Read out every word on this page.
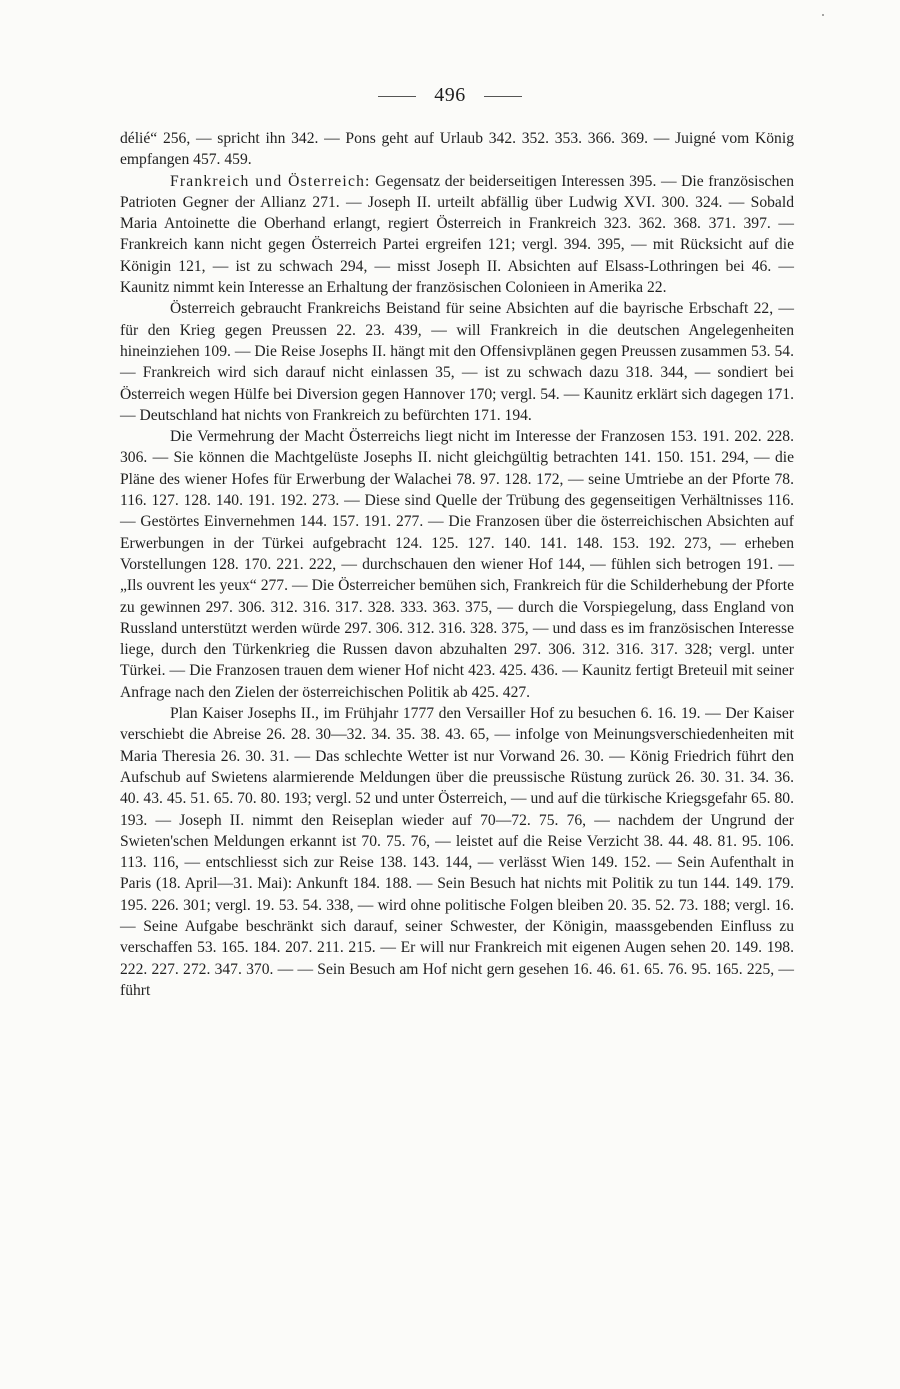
496

délié“ 256, — spricht ihn 342. — Pons geht auf Urlaub 342. 352. 353. 366. 369. — Juigné vom König empfangen 457. 459.

Frankreich und Österreich: Gegensatz der beiderseitigen Interessen 395. — Die französischen Patrioten Gegner der Allianz 271. — Joseph II. urteilt abfällig über Ludwig XVI. 300. 324. — Sobald Maria Antoinette die Oberhand erlangt, regiert Österreich in Frankreich 323. 362. 368. 371. 397. — Frankreich kann nicht gegen Österreich Partei ergreifen 121; vergl. 394. 395, — mit Rücksicht auf die Königin 121, — ist zu schwach 294, — misst Joseph II. Absichten auf Elsass-Lothringen bei 46. — Kaunitz nimmt kein Interesse an Erhaltung der französischen Colonieen in Amerika 22.

Österreich gebraucht Frankreichs Beistand für seine Absichten auf die bayrische Erbschaft 22, — für den Krieg gegen Preussen 22. 23. 439, — will Frankreich in die deutschen Angelegenheiten hineinziehen 109. — Die Reise Josephs II. hängt mit den Offensivplänen gegen Preussen zusammen 53. 54. — Frankreich wird sich darauf nicht einlassen 35, — ist zu schwach dazu 318. 344, — sondiert bei Österreich wegen Hülfe bei Diversion gegen Hannover 170; vergl. 54. — Kaunitz erklärt sich dagegen 171. — Deutschland hat nichts von Frankreich zu befürchten 171. 194.

Die Vermehrung der Macht Österreichs liegt nicht im Interesse der Franzosen 153. 191. 202. 228. 306. — Sie können die Machtgelüste Josephs II. nicht gleichgültig betrachten 141. 150. 151. 294, — die Pläne des wiener Hofes für Erwerbung der Walachei 78. 97. 128. 172, — seine Umtriebe an der Pforte 78. 116. 127. 128. 140. 191. 192. 273. — Diese sind Quelle der Trübung des gegenseitigen Verhältnisses 116. — Gestörtes Einvernehmen 144. 157. 191. 277. — Die Franzosen über die österreichischen Absichten auf Erwerbungen in der Türkei aufgebracht 124. 125. 127. 140. 141. 148. 153. 192. 273, — erheben Vorstellungen 128. 170. 221. 222, — durchschauen den wiener Hof 144, — fühlen sich betrogen 191. — „Ils ouvrent les yeux“ 277. — Die Österreicher bemühen sich, Frankreich für die Schilderhebung der Pforte zu gewinnen 297. 306. 312. 316. 317. 328. 333. 363. 375, — durch die Vorspiegelung, dass England von Russland unterstützt werden würde 297. 306. 312. 316. 328. 375, — und dass es im französischen Interesse liege, durch den Türkenkrieg die Russen davon abzuhalten 297. 306. 312. 316. 317. 328; vergl. unter Türkei. — Die Franzosen trauen dem wiener Hof nicht 423. 425. 436. — Kaunitz fertigt Breteuil mit seiner Anfrage nach den Zielen der österreichischen Politik ab 425. 427.

Plan Kaiser Josephs II., im Frühjahr 1777 den Versailler Hof zu besuchen 6. 16. 19. — Der Kaiser verschiebt die Abreise 26. 28. 30—32. 34. 35. 38. 43. 65, — infolge von Meinungsverschiedenheiten mit Maria Theresia 26. 30. 31. — Das schlechte Wetter ist nur Vorwand 26. 30. — König Friedrich führt den Aufschub auf Swietens alarmierende Meldungen über die preussische Rüstung zurück 26. 30. 31. 34. 36. 40. 43. 45. 51. 65. 70. 80. 193; vergl. 52 und unter Österreich, — und auf die türkische Kriegsgefahr 65. 80. 193. — Joseph II. nimmt den Reiseplan wieder auf 70—72. 75. 76, — nachdem der Ungrund der Swieten'schen Meldungen erkannt ist 70. 75. 76, — leistet auf die Reise Verzicht 38. 44. 48. 81. 95. 106. 113. 116, — entschliesst sich zur Reise 138. 143. 144, — verlässt Wien 149. 152. — Sein Aufenthalt in Paris (18. April—31. Mai): Ankunft 184. 188. — Sein Besuch hat nichts mit Politik zu tun 144. 149. 179. 195. 226. 301; vergl. 19. 53. 54. 338, — wird ohne politische Folgen bleiben 20. 35. 52. 73. 188; vergl. 16. — Seine Aufgabe beschränkt sich darauf, seiner Schwester, der Königin, maassgebenden Einfluss zu verschaffen 53. 165. 184. 207. 211. 215. — Er will nur Frankreich mit eigenen Augen sehen 20. 149. 198. 222. 227. 272. 347. 370. — — Sein Besuch am Hof nicht gern gesehen 16. 46. 61. 65. 76. 95. 165. 225, — führt
